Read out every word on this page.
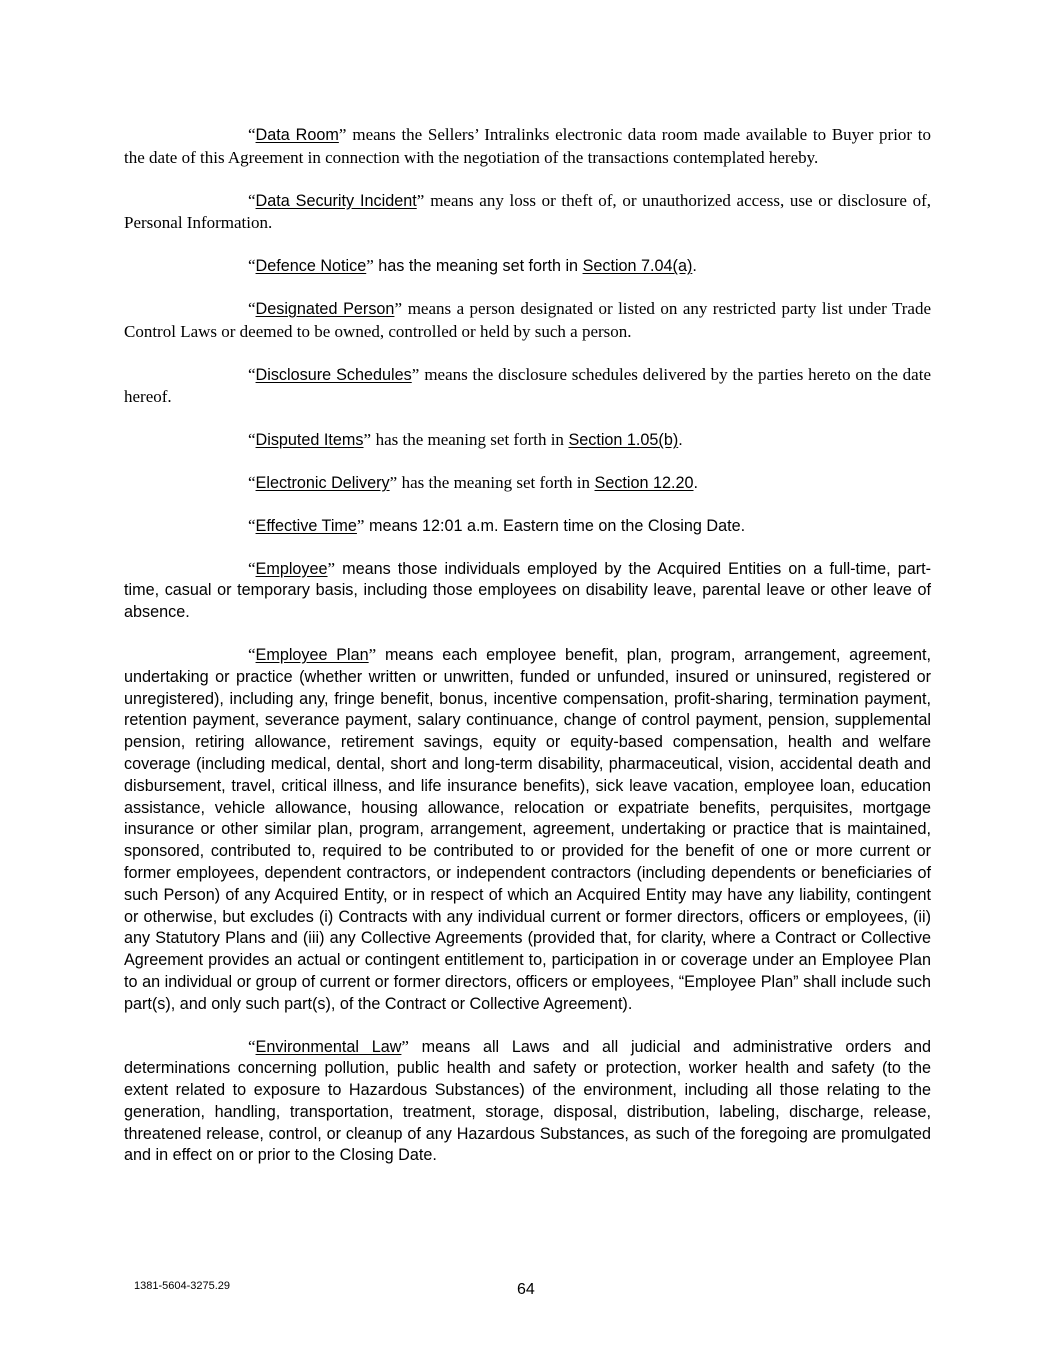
“Data Room” means the Sellers’ Intralinks electronic data room made available to Buyer prior to the date of this Agreement in connection with the negotiation of the transactions contemplated hereby.

“Data Security Incident” means any loss or theft of, or unauthorized access, use or disclosure of, Personal Information.

“Defence Notice” has the meaning set forth in Section 7.04(a).

“Designated Person” means a person designated or listed on any restricted party list under Trade Control Laws or deemed to be owned, controlled or held by such a person.

“Disclosure Schedules” means the disclosure schedules delivered by the parties hereto on the date hereof.

“Disputed Items” has the meaning set forth in Section 1.05(b).

“Electronic Delivery” has the meaning set forth in Section 12.20.

“Effective Time” means 12:01 a.m. Eastern time on the Closing Date.

“Employee” means those individuals employed by the Acquired Entities on a full-time, part-time, casual or temporary basis, including those employees on disability leave, parental leave or other leave of absence.

“Employee Plan” means each employee benefit, plan, program, arrangement, agreement, undertaking or practice (whether written or unwritten, funded or unfunded, insured or uninsured, registered or unregistered), including any, fringe benefit, bonus, incentive compensation, profit-sharing, termination payment, retention payment, severance payment, salary continuance, change of control payment, pension, supplemental pension, retiring allowance, retirement savings, equity or equity-based compensation, health and welfare coverage (including medical, dental, short and long-term disability, pharmaceutical, vision, accidental death and disbursement, travel, critical illness, and life insurance benefits), sick leave vacation, employee loan, education assistance, vehicle allowance, housing allowance, relocation or expatriate benefits, perquisites, mortgage insurance or other similar plan, program, arrangement, agreement, undertaking or practice that is maintained, sponsored, contributed to, required to be contributed to or provided for the benefit of one or more current or former employees, dependent contractors, or independent contractors (including dependents or beneficiaries of such Person) of any Acquired Entity, or in respect of which an Acquired Entity may have any liability, contingent or otherwise, but excludes (i) Contracts with any individual current or former directors, officers or employees, (ii) any Statutory Plans and (iii) any Collective Agreements (provided that, for clarity, where a Contract or Collective Agreement provides an actual or contingent entitlement to, participation in or coverage under an Employee Plan to an individual or group of current or former directors, officers or employees, “Employee Plan” shall include such part(s), and only such part(s), of the Contract or Collective Agreement).

“Environmental Law” means all Laws and all judicial and administrative orders and determinations concerning pollution, public health and safety or protection, worker health and safety (to the extent related to exposure to Hazardous Substances) of the environment, including all those relating to the generation, handling, transportation, treatment, storage, disposal, distribution, labeling, discharge, release, threatened release, control, or cleanup of any Hazardous Substances, as such of the foregoing are promulgated and in effect on or prior to the Closing Date.

1381-5604-3275.29	64
